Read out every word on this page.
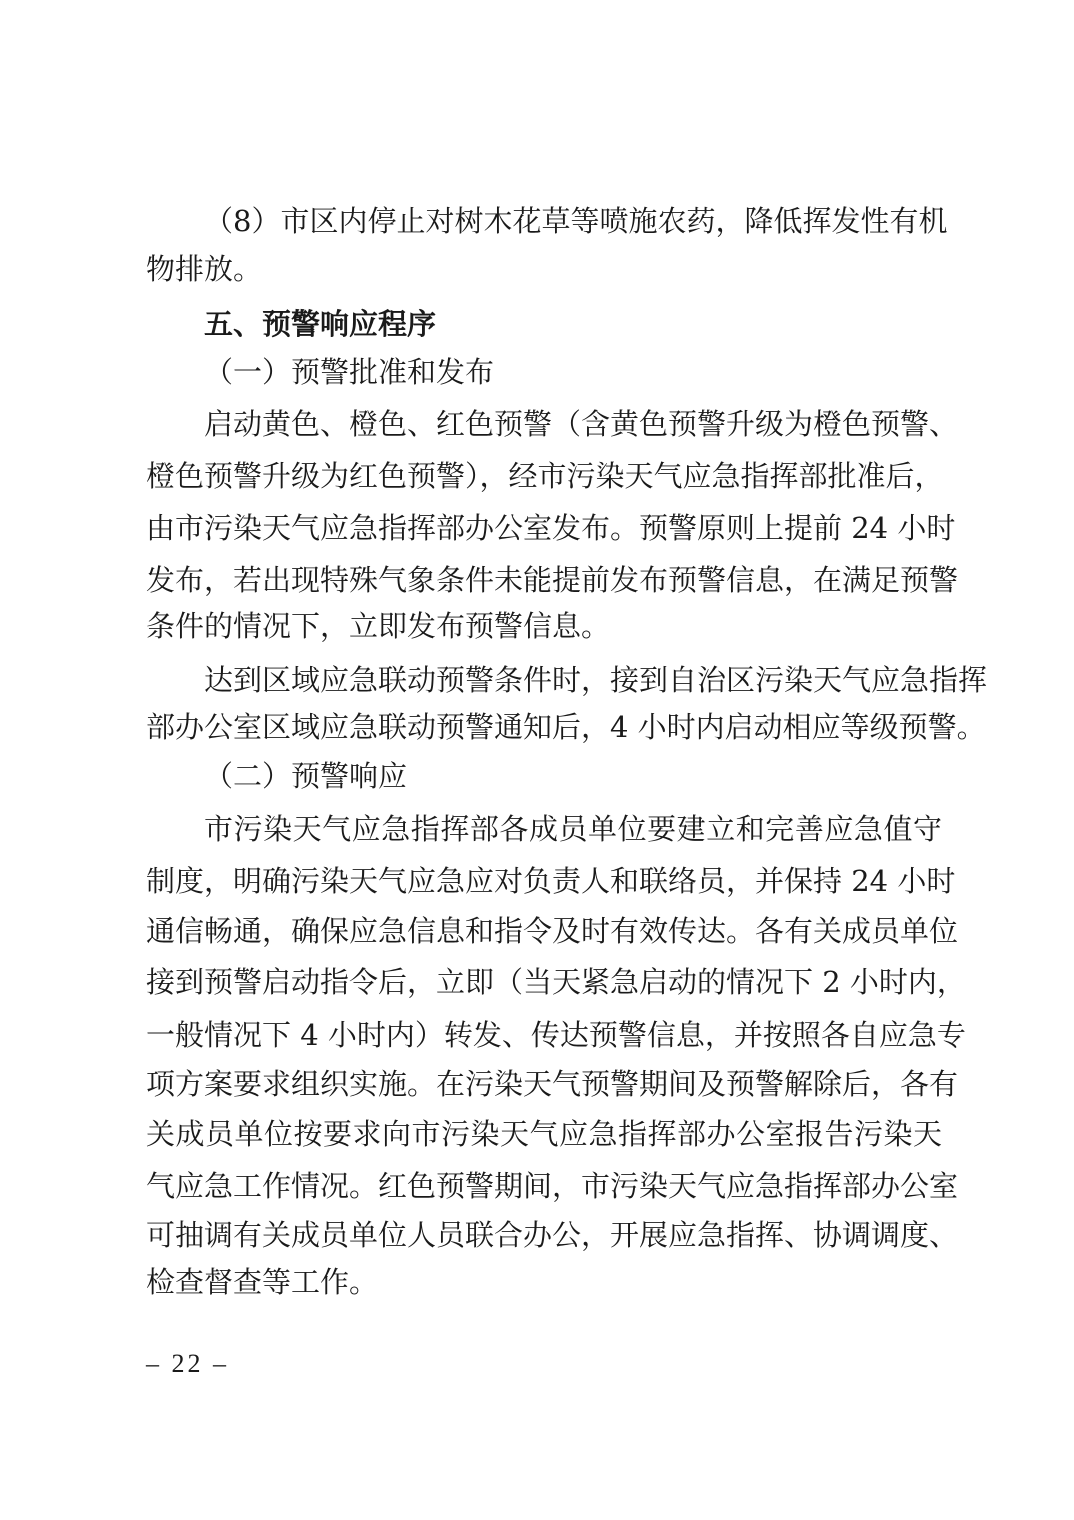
（8）市区内停止对树木花草等喷施农药，降低挥发性有机
物排放。
五、预警响应程序
（一）预警批准和发布
启动黄色、橙色、红色预警（含黄色预警升级为橙色预警、
橙色预警升级为红色预警），经市污染天气应急指挥部批准后，
由市污染天气应急指挥部办公室发布。预警原则上提前 24 小时
发布，若出现特殊气象条件未能提前发布预警信息，在满足预警
条件的情况下，立即发布预警信息。
达到区域应急联动预警条件时，接到自治区污染天气应急指挥
部办公室区域应急联动预警通知后，4 小时内启动相应等级预警。
（二）预警响应
市污染天气应急指挥部各成员单位要建立和完善应急值守
制度，明确污染天气应急应对负责人和联络员，并保持 24 小时
通信畅通，确保应急信息和指令及时有效传达。各有关成员单位
接到预警启动指令后，立即（当天紧急启动的情况下 2 小时内，
一般情况下 4 小时内）转发、传达预警信息，并按照各自应急专
项方案要求组织实施。在污染天气预警期间及预警解除后，各有
关成员单位按要求向市污染天气应急指挥部办公室报告污染天
气应急工作情况。红色预警期间，市污染天气应急指挥部办公室
可抽调有关成员单位人员联合办公，开展应急指挥、协调调度、
检查督查等工作。
– 22 –
